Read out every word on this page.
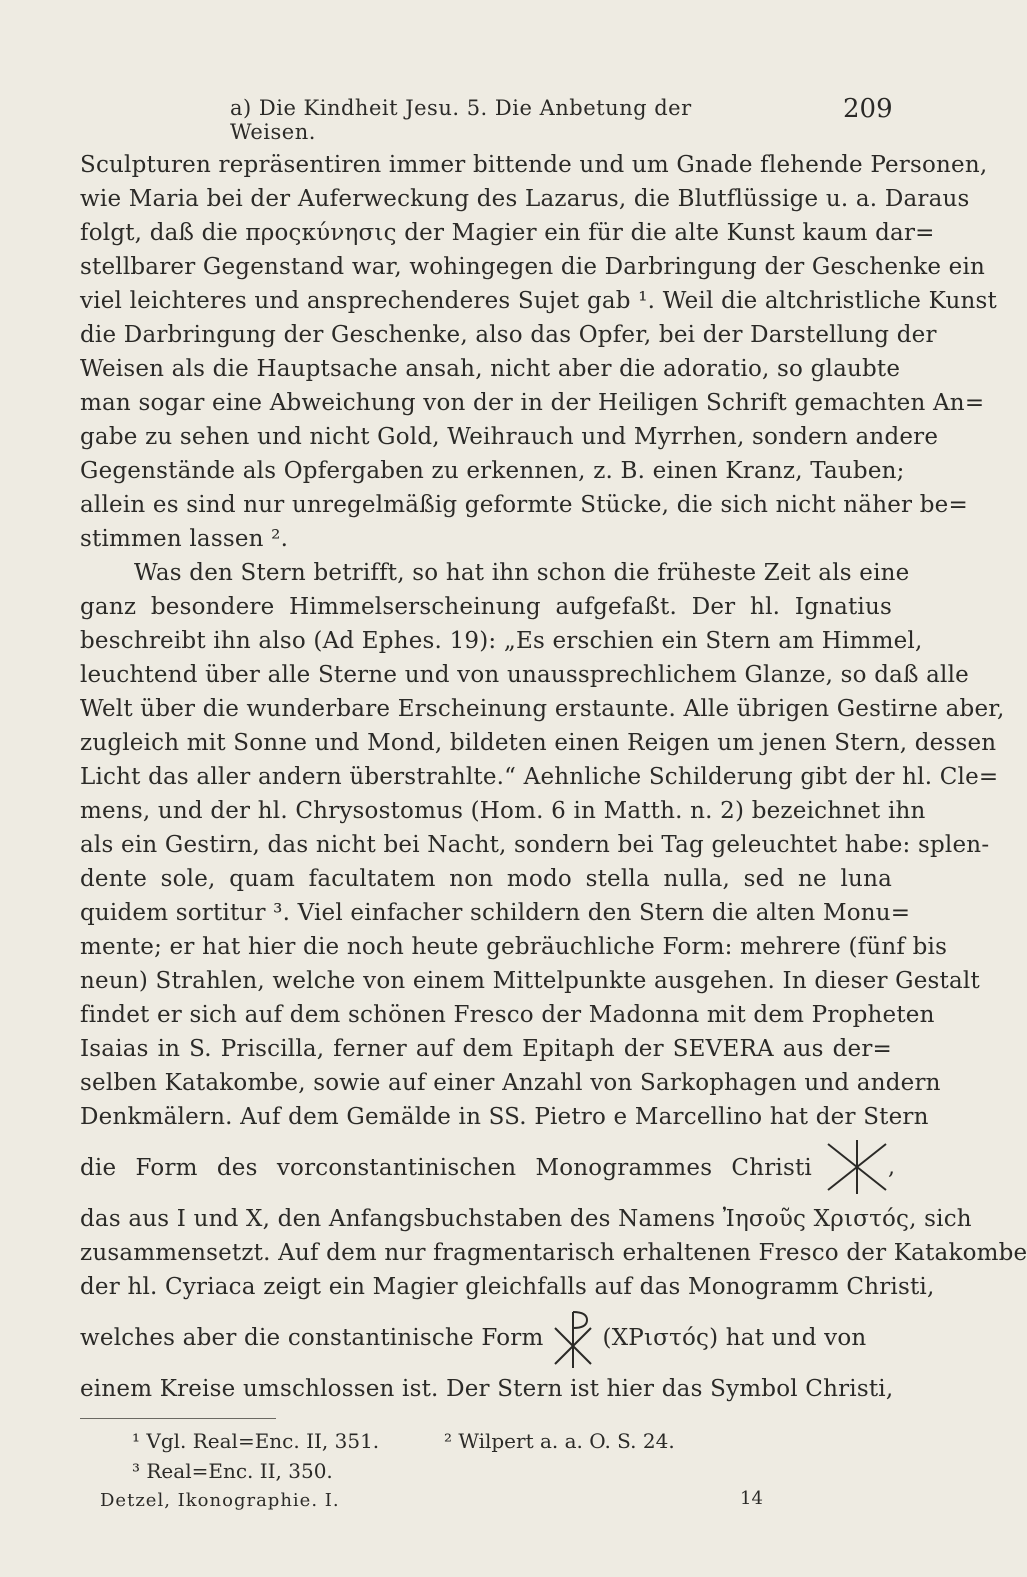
a) Die Kindheit Jesu. 5. Die Anbetung der Weisen.
209
Sculpturen repräsentiren immer bittende und um Gnade flehende Personen,
wie Maria bei der Auferweckung des Lazarus, die Blutflüssige u. a. Daraus
folgt, daß die προςκύνησις der Magier ein für die alte Kunst kaum dar=
stellbarer Gegenstand war, wohingegen die Darbringung der Geschenke ein
viel leichteres und ansprechenderes Sujet gab ¹. Weil die altchristliche Kunst
die Darbringung der Geschenke, also das Opfer, bei der Darstellung der
Weisen als die Hauptsache ansah, nicht aber die adoratio, so glaubte
man sogar eine Abweichung von der in der Heiligen Schrift gemachten An=
gabe zu sehen und nicht Gold, Weihrauch und Myrrhen, sondern andere
Gegenstände als Opfergaben zu erkennen, z. B. einen Kranz, Tauben;
allein es sind nur unregelmäßig geformte Stücke, die sich nicht näher be=
stimmen lassen ².
Was den Stern betrifft, so hat ihn schon die früheste Zeit als eine
ganz besondere Himmelserscheinung aufgefaßt. Der hl. Ignatius
beschreibt ihn also (Ad Ephes. 19): „Es erschien ein Stern am Himmel,
leuchtend über alle Sterne und von unaussprechlichem Glanze, so daß alle
Welt über die wunderbare Erscheinung erstaunte. Alle übrigen Gestirne aber,
zugleich mit Sonne und Mond, bildeten einen Reigen um jenen Stern, dessen
Licht das aller andern überstrahlte.“ Aehnliche Schilderung gibt der hl. Cle=
mens, und der hl. Chrysostomus (Hom. 6 in Matth. n. 2) bezeichnet ihn
als ein Gestirn, das nicht bei Nacht, sondern bei Tag geleuchtet habe: splen-
dente sole, quam facultatem non modo stella nulla, sed ne luna
quidem sortitur ³. Viel einfacher schildern den Stern die alten Monu=
mente; er hat hier die noch heute gebräuchliche Form: mehrere (fünf bis
neun) Strahlen, welche von einem Mittelpunkte ausgehen. In dieser Gestalt
findet er sich auf dem schönen Fresco der Madonna mit dem Propheten
Isaias in S. Priscilla, ferner auf dem Epitaph der SEVERA aus der=
selben Katakombe, sowie auf einer Anzahl von Sarkophagen und andern
Denkmälern. Auf dem Gemälde in SS. Pietro e Marcellino hat der Stern
die Form des vorconstantinischen Monogrammes Christi	,
das aus I und X, den Anfangsbuchstaben des Namens Ἰησοῦς Χριστός, sich
zusammensetzt. Auf dem nur fragmentarisch erhaltenen Fresco der Katakombe
der hl. Cyriaca zeigt ein Magier gleichfalls auf das Monogramm Christi,
welches aber die constantinische Form	(ΧΡιστός) hat und von
einem Kreise umschlossen ist. Der Stern ist hier das Symbol Christi,
¹ Vgl. Real=Enc. II, 351.	² Wilpert a. a. O. S. 24.
³ Real=Enc. II, 350.
Detzel, Ikonographie. I.	14
